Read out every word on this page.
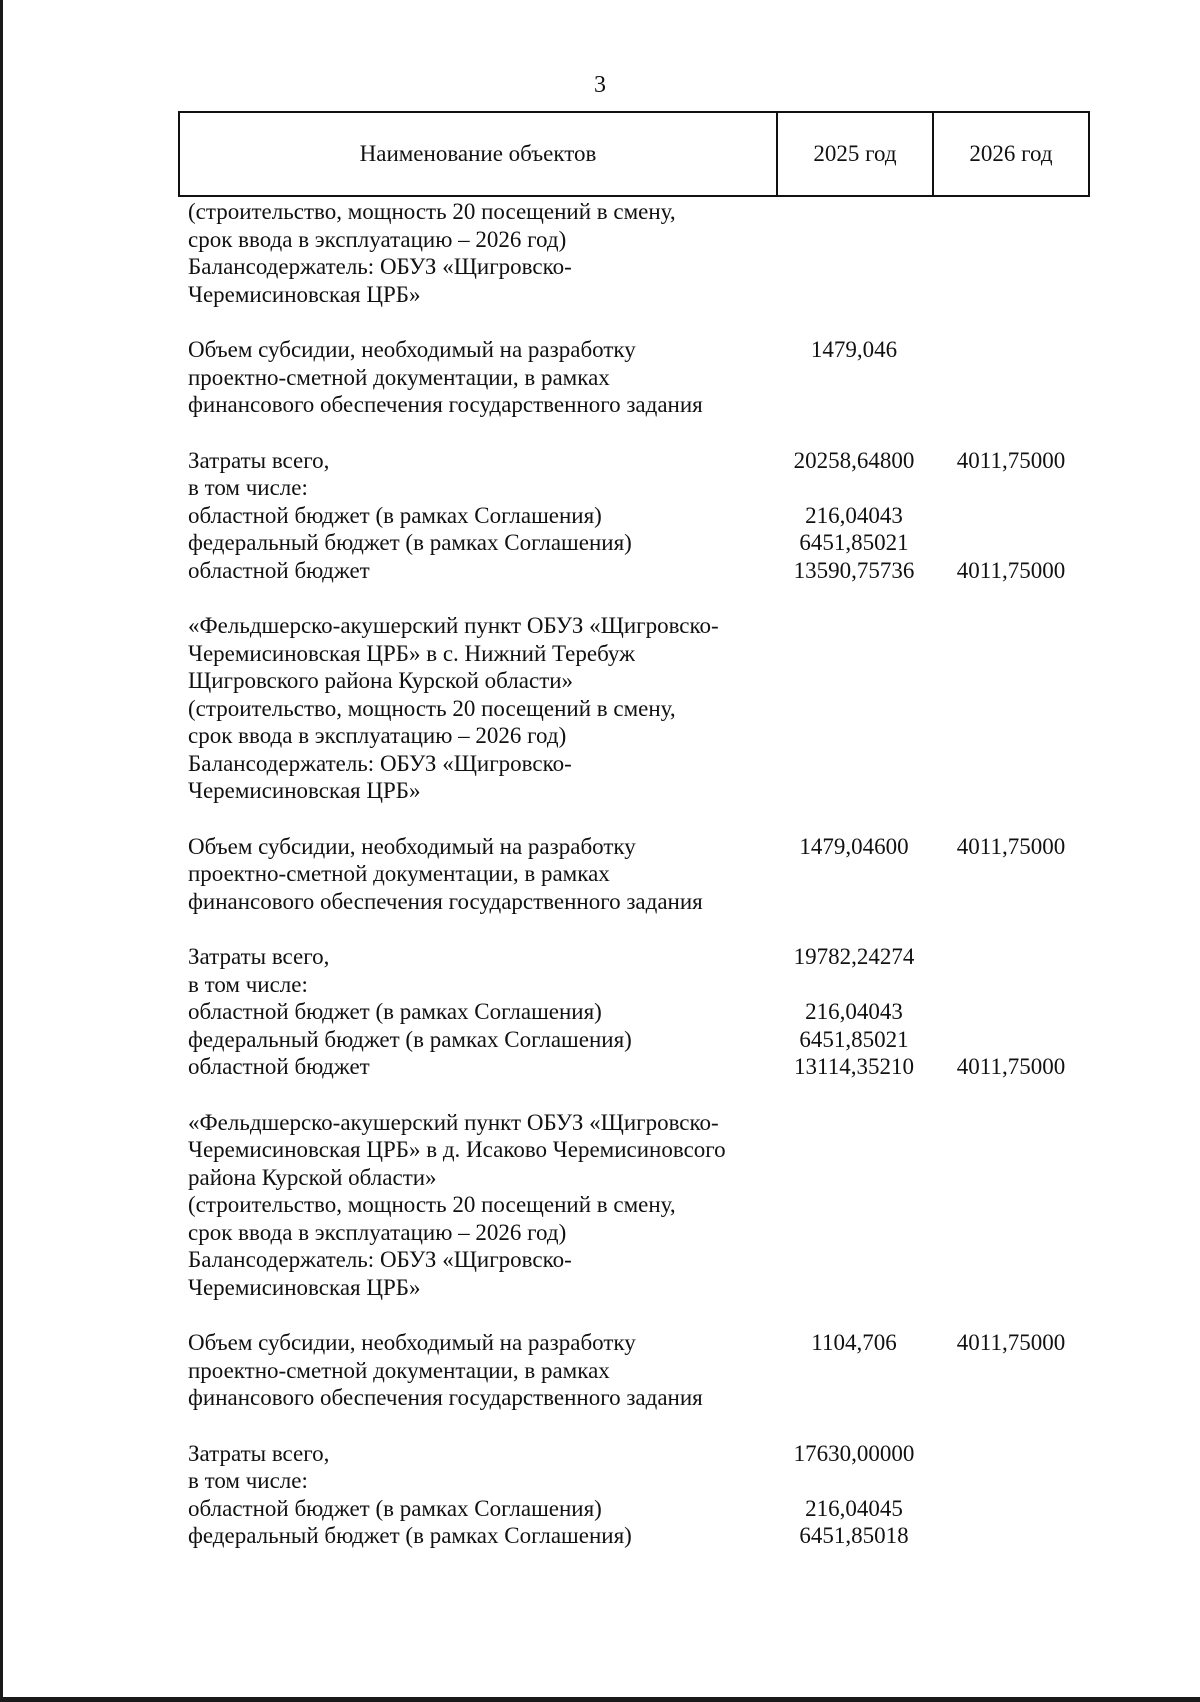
3
Наименование объектов	2025 год	2026 год
(строительство, мощность 20 посещений в смену,
срок ввода в эксплуатацию – 2026 год)
Балансодержатель: ОБУЗ «Щигровско-
Черемисиновская ЦРБ»
Объем субсидии, необходимый на разработку	1479,046
проектно-сметной документации, в рамках
финансового обеспечения государственного задания
Затраты всего,	20258,64800	4011,75000
в том числе:
областной бюджет (в рамках Соглашения)	216,04043
федеральный бюджет (в рамках Соглашения)	6451,85021
областной бюджет	13590,75736	4011,75000
«Фельдшерско-акушерский пункт ОБУЗ «Щигровско-
Черемисиновская ЦРБ» в с. Нижний Теребуж
Щигровского района Курской области»
(строительство, мощность 20 посещений в смену,
срок ввода в эксплуатацию – 2026 год)
Балансодержатель: ОБУЗ «Щигровско-
Черемисиновская ЦРБ»
Объем субсидии, необходимый на разработку	1479,04600	4011,75000
проектно-сметной документации, в рамках
финансового обеспечения государственного задания
Затраты всего,	19782,24274
в том числе:
областной бюджет (в рамках Соглашения)	216,04043
федеральный бюджет (в рамках Соглашения)	6451,85021
областной бюджет	13114,35210	4011,75000
«Фельдшерско-акушерский пункт ОБУЗ «Щигровско-
Черемисиновская ЦРБ» в д. Исаково Черемисиновсого
района Курской области»
(строительство, мощность 20 посещений в смену,
срок ввода в эксплуатацию – 2026 год)
Балансодержатель: ОБУЗ «Щигровско-
Черемисиновская ЦРБ»
Объем субсидии, необходимый на разработку	1104,706	4011,75000
проектно-сметной документации, в рамках
финансового обеспечения государственного задания
Затраты всего,	17630,00000
в том числе:
областной бюджет (в рамках Соглашения)	216,04045
федеральный бюджет (в рамках Соглашения)	6451,85018
